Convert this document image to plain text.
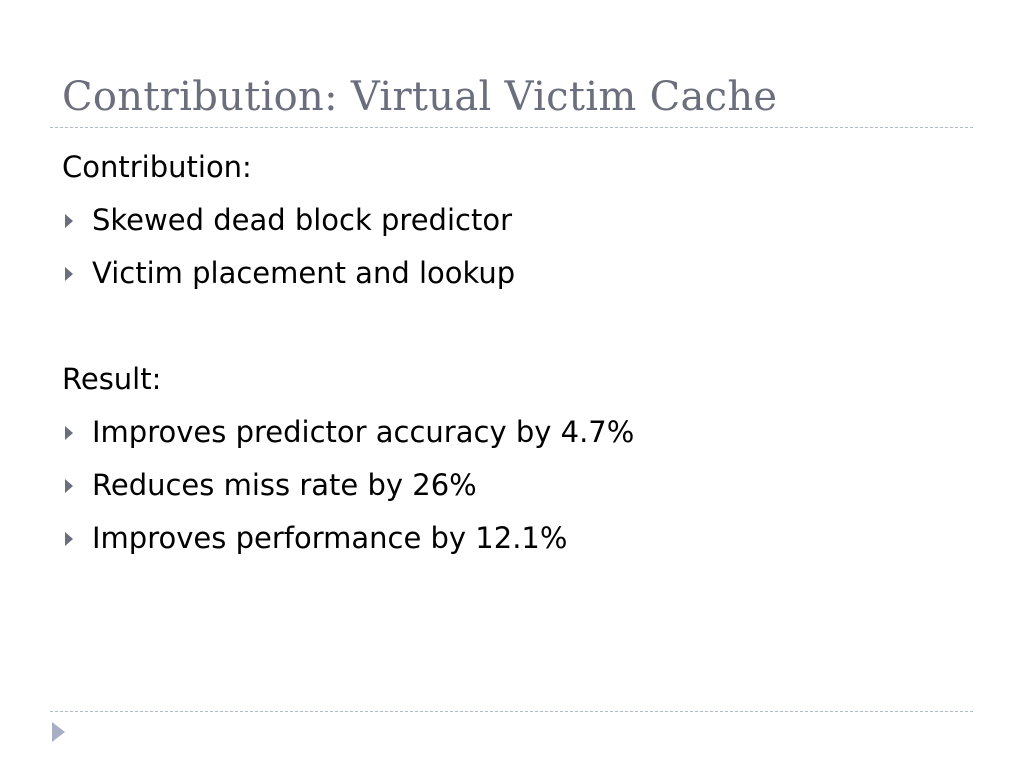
Contribution: Virtual Victim Cache

Contribution:

Skewed dead block predictor
Victim placement and lookup

Result:

Improves predictor accuracy by 4.7%
Reduces miss rate by 26%
Improves performance by 12.1%
